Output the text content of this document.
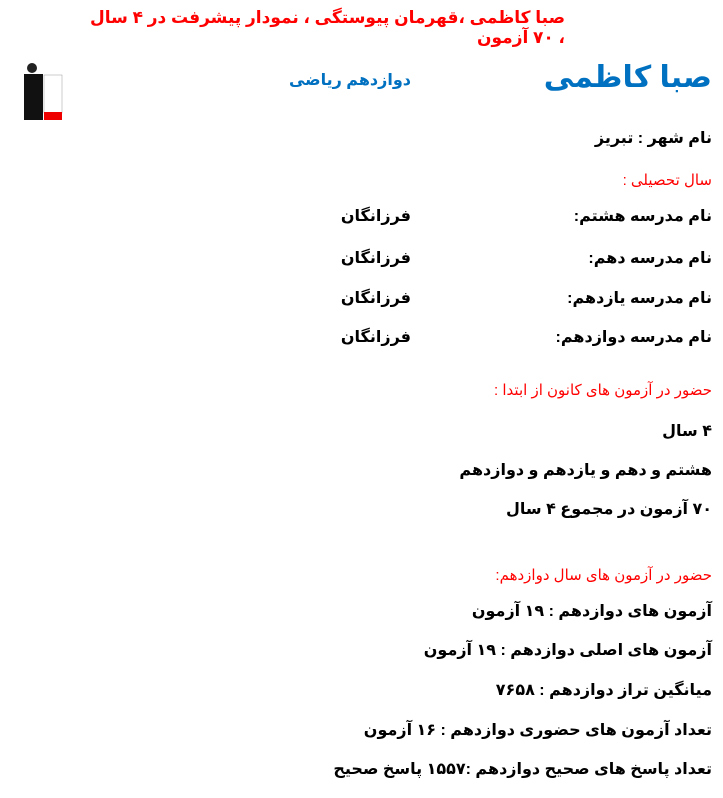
صبا کاظمی ،قهرمان پیوستگی ، نمودار پیشرفت در ۴ سال ، ۷۰ آزمون
صبا کاظمی
دوازدهم ریاضی
نام شهر : تبریز
سال تحصیلی :
نام مدرسه هشتم:
فرزانگان
نام مدرسه دهم:
فرزانگان
نام مدرسه یازدهم:
فرزانگان
نام مدرسه دوازدهم:
فرزانگان
حضور در آزمون های کانون از ابتدا :
۴ سال
هشتم و دهم و یازدهم و دوازدهم
۷۰ آزمون در مجموع ۴ سال
حضور در آزمون های سال دوازدهم:
آزمون های دوازدهم : ۱۹ آزمون
آزمون های اصلی دوازدهم : ۱۹ آزمون
میانگین تراز دوازدهم : ۷۶۵۸
تعداد آزمون های حضوری دوازدهم : ۱۶ آزمون
تعداد پاسخ های صحیح دوازدهم :۱۵۵۷ پاسخ صحیح
